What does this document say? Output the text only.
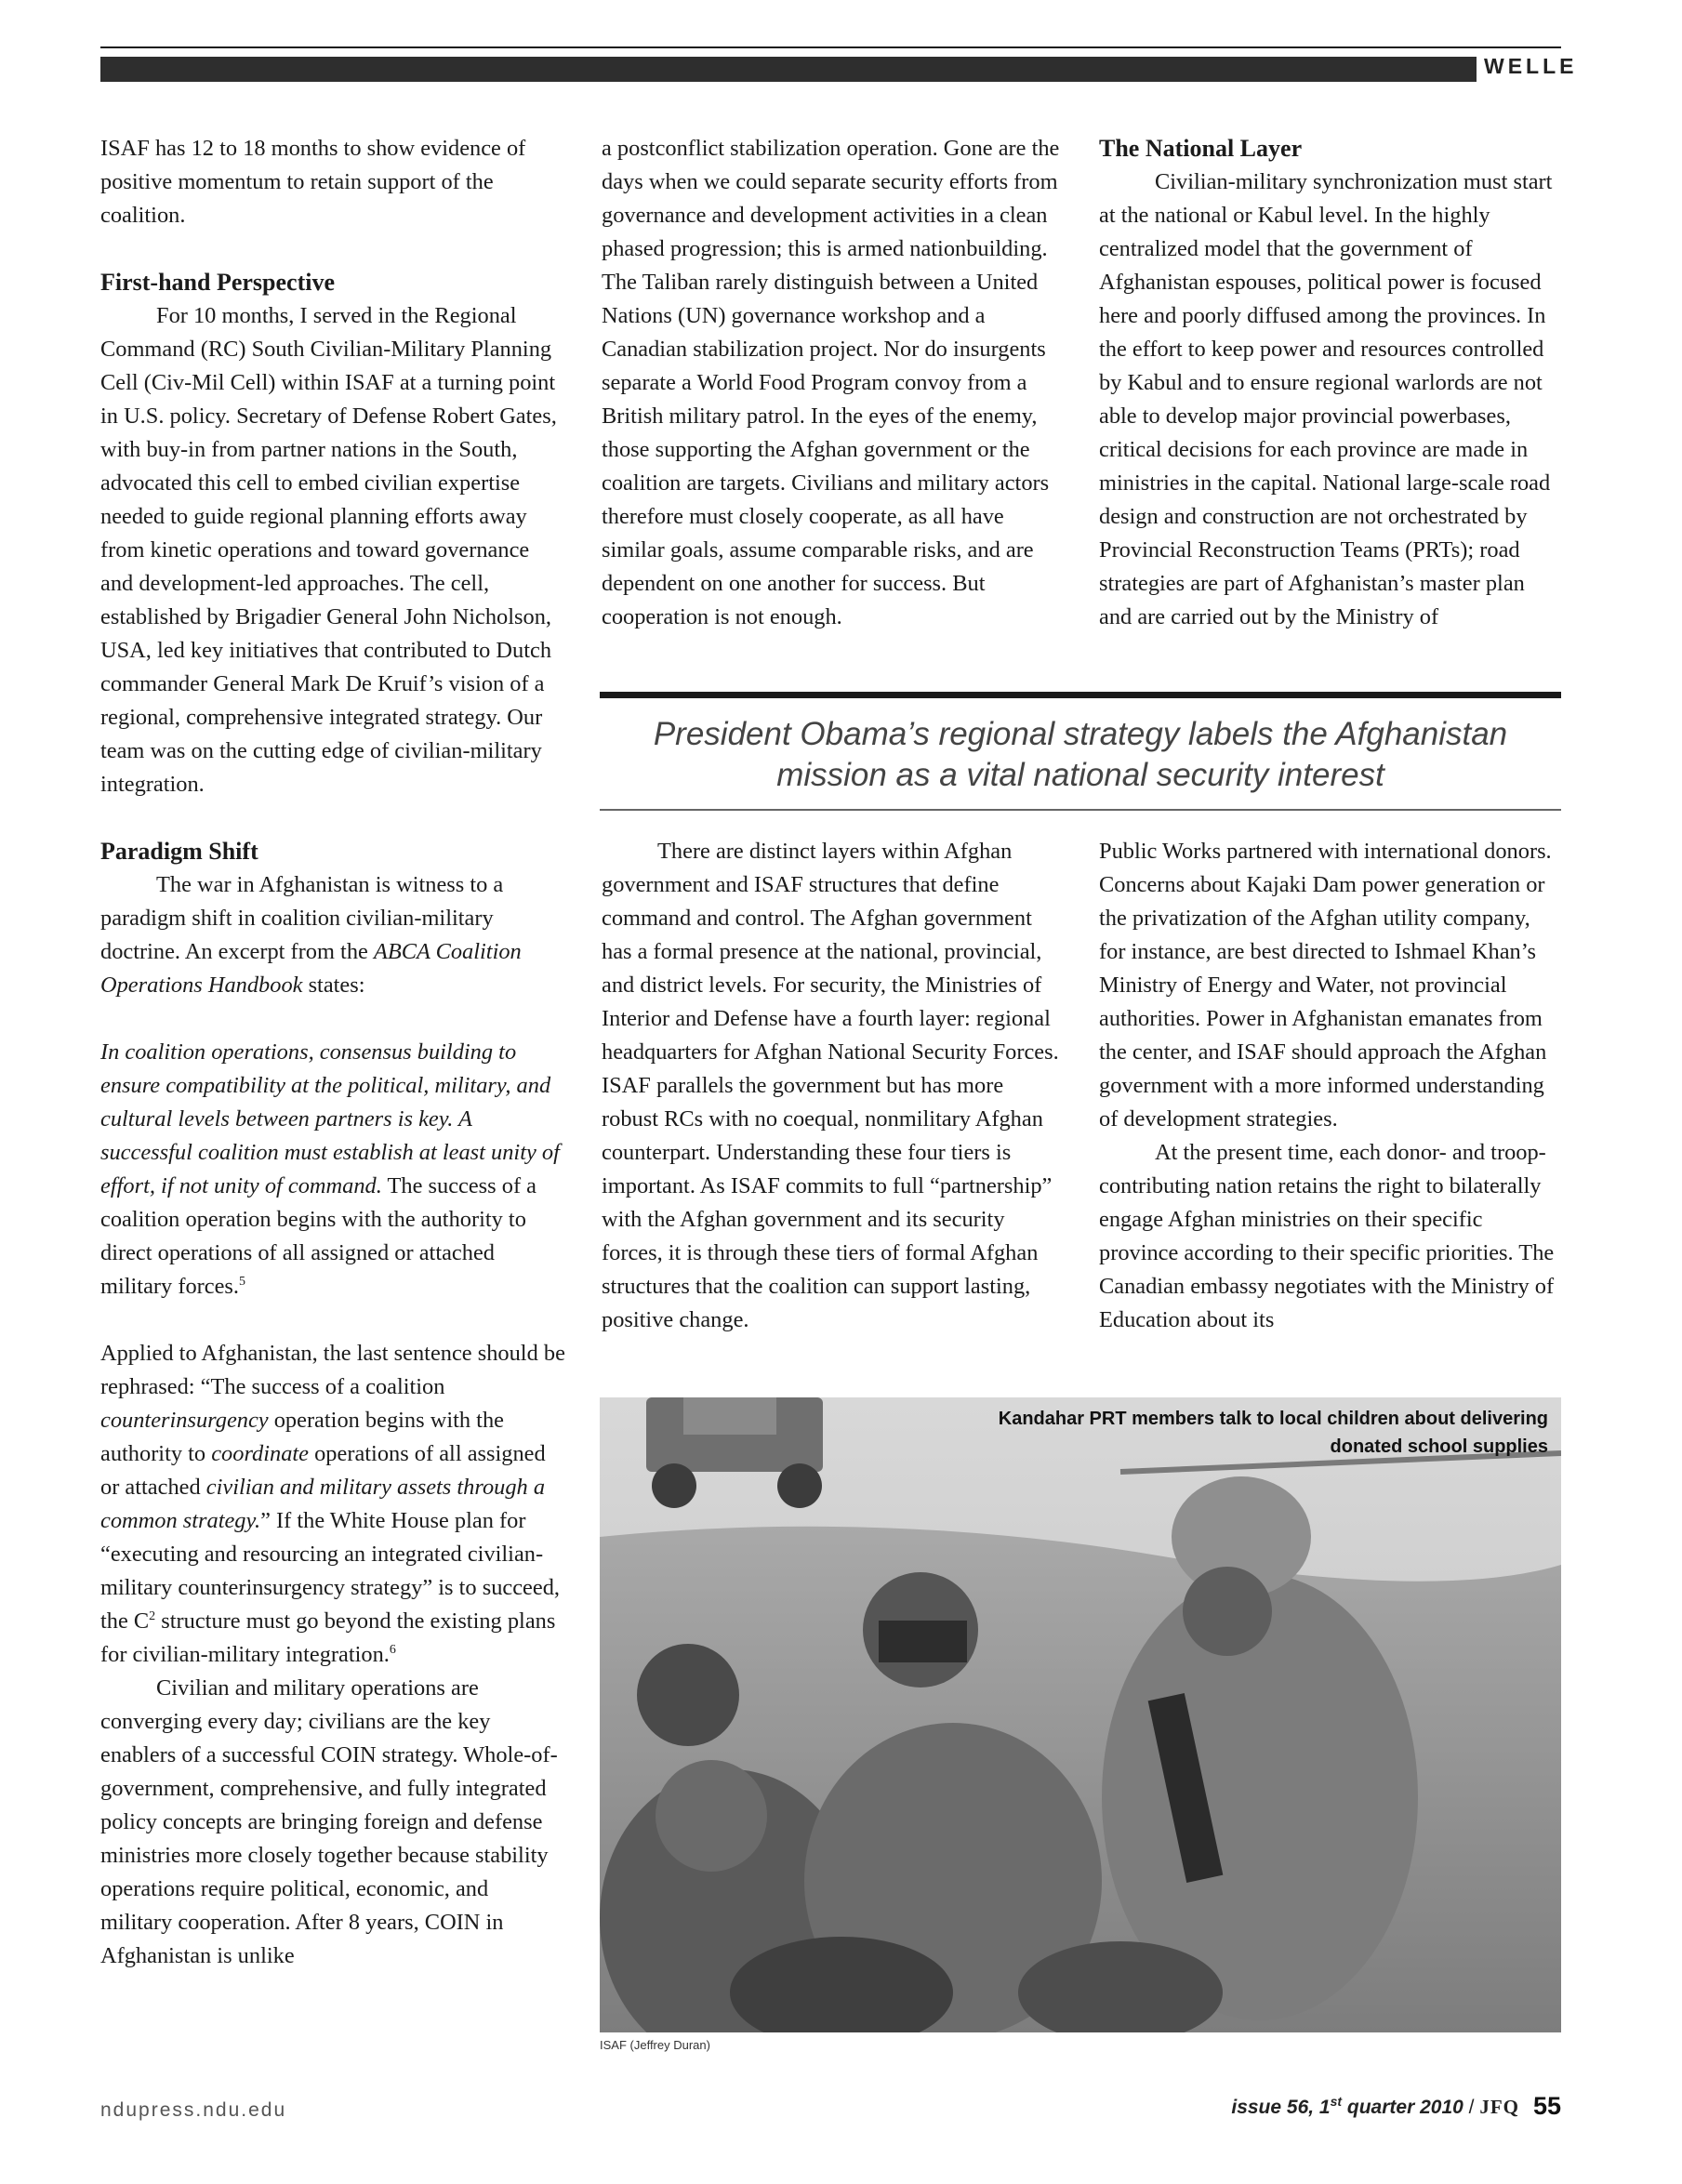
WELLE

ISAF has 12 to 18 months to show evidence of positive momentum to retain support of the coalition.

First-hand Perspective

For 10 months, I served in the Regional Command (RC) South Civilian-Military Planning Cell (Civ-Mil Cell) within ISAF at a turning point in U.S. policy. Secretary of Defense Robert Gates, with buy-in from partner nations in the South, advocated this cell to embed civilian expertise needed to guide regional planning efforts away from kinetic operations and toward governance and development-led approaches. The cell, established by Brigadier General John Nicholson, USA, led key initiatives that contributed to Dutch commander General Mark De Kruif’s vision of a regional, comprehensive integrated strategy. Our team was on the cutting edge of civilian-military integration.

Paradigm Shift

The war in Afghanistan is witness to a paradigm shift in coalition civilian-military doctrine. An excerpt from the ABCA Coalition Operations Handbook states:

In coalition operations, consensus building to ensure compatibility at the political, military, and cultural levels between partners is key. A successful coalition must establish at least unity of effort, if not unity of command. The success of a coalition operation begins with the authority to direct operations of all assigned or attached military forces.$^5$

Applied to Afghanistan, the last sentence should be rephrased: “The success of a coalition counterinsurgency operation begins with the authority to coordinate operations of all assigned or attached civilian and military assets through a common strategy.” If the White House plan for “executing and resourcing an integrated civilian-military counterinsurgency strategy” is to succeed, the $C^2$ structure must go beyond the existing plans for civilian-military integration.$^6$

Civilian and military operations are converging every day; civilians are the key enablers of a successful COIN strategy. Whole-of-government, comprehensive, and fully integrated policy concepts are bringing foreign and defense ministries more closely together because stability operations require political, economic, and military cooperation. After 8 years, COIN in Afghanistan is unlike

a postconflict stabilization operation. Gone are the days when we could separate security efforts from governance and development activities in a clean phased progression; this is armed nationbuilding. The Taliban rarely distinguish between a United Nations (UN) governance workshop and a Canadian stabilization project. Nor do insurgents separate a World Food Program convoy from a British military patrol. In the eyes of the enemy, those supporting the Afghan government or the coalition are targets. Civilians and military actors therefore must closely cooperate, as all have similar goals, assume comparable risks, and are dependent on one another for success. But cooperation is not enough.

The National Layer

Civilian-military synchronization must start at the national or Kabul level. In the highly centralized model that the government of Afghanistan espouses, political power is focused here and poorly diffused among the provinces. In the effort to keep power and resources controlled by Kabul and to ensure regional warlords are not able to develop major provincial powerbases, critical decisions for each province are made in ministries in the capital. National large-scale road design and construction are not orchestrated by Provincial Reconstruction Teams (PRTs); road strategies are part of Afghanistan’s master plan and are carried out by the Ministry of

President Obama’s regional strategy labels the Afghanistan mission as a vital national security interest

There are distinct layers within Afghan government and ISAF structures that define command and control. The Afghan government has a formal presence at the national, provincial, and district levels. For security, the Ministries of Interior and Defense have a fourth layer: regional headquarters for Afghan National Security Forces. ISAF parallels the government but has more robust RCs with no coequal, nonmilitary Afghan counterpart. Understanding these four tiers is important. As ISAF commits to full “partnership” with the Afghan government and its security forces, it is through these tiers of formal Afghan structures that the coalition can support lasting, positive change.

Public Works partnered with international donors. Concerns about Kajaki Dam power generation or the privatization of the Afghan utility company, for instance, are best directed to Ishmael Khan’s Ministry of Energy and Water, not provincial authorities. Power in Afghanistan emanates from the center, and ISAF should approach the Afghan government with a more informed understanding of development strategies.

At the present time, each donor- and troop-contributing nation retains the right to bilaterally engage Afghan ministries on their specific province according to their specific priorities. The Canadian embassy negotiates with the Ministry of Education about its

Kandahar PRT members talk to local children about delivering donated school supplies
ISAF (Jeffrey Duran)
ndupress.ndu.edu	issue 56, 1st quarter 2010 / JFQ 55
